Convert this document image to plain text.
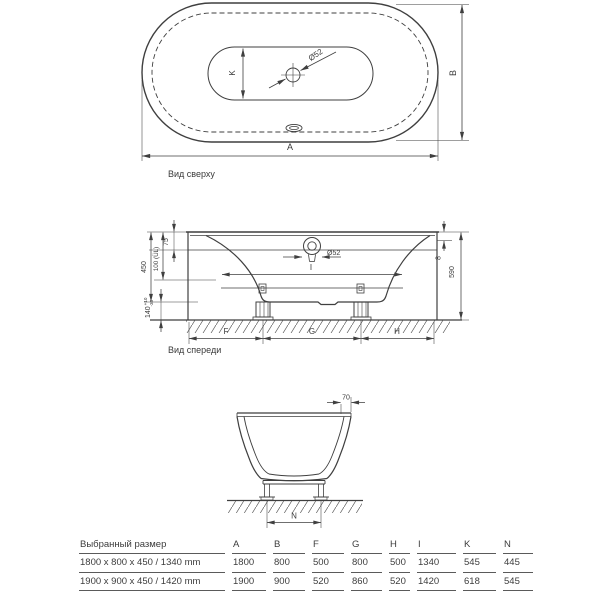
K
Ø52
A
B
Вид сверху
75
100 (ÜL)
450
$140^{+10}-30$
8
590
I
Ø52
F	G	H
Вид спереди
70
N
Выбранный размер	A	B	F	G	H	I	K	N
1800 x 800 x 450 / 1340 mm	1800	800	500	800	500	1340	545	445
1900 x 900 x 450 / 1420 mm	1900	900	520	860	520	1420	618	545
